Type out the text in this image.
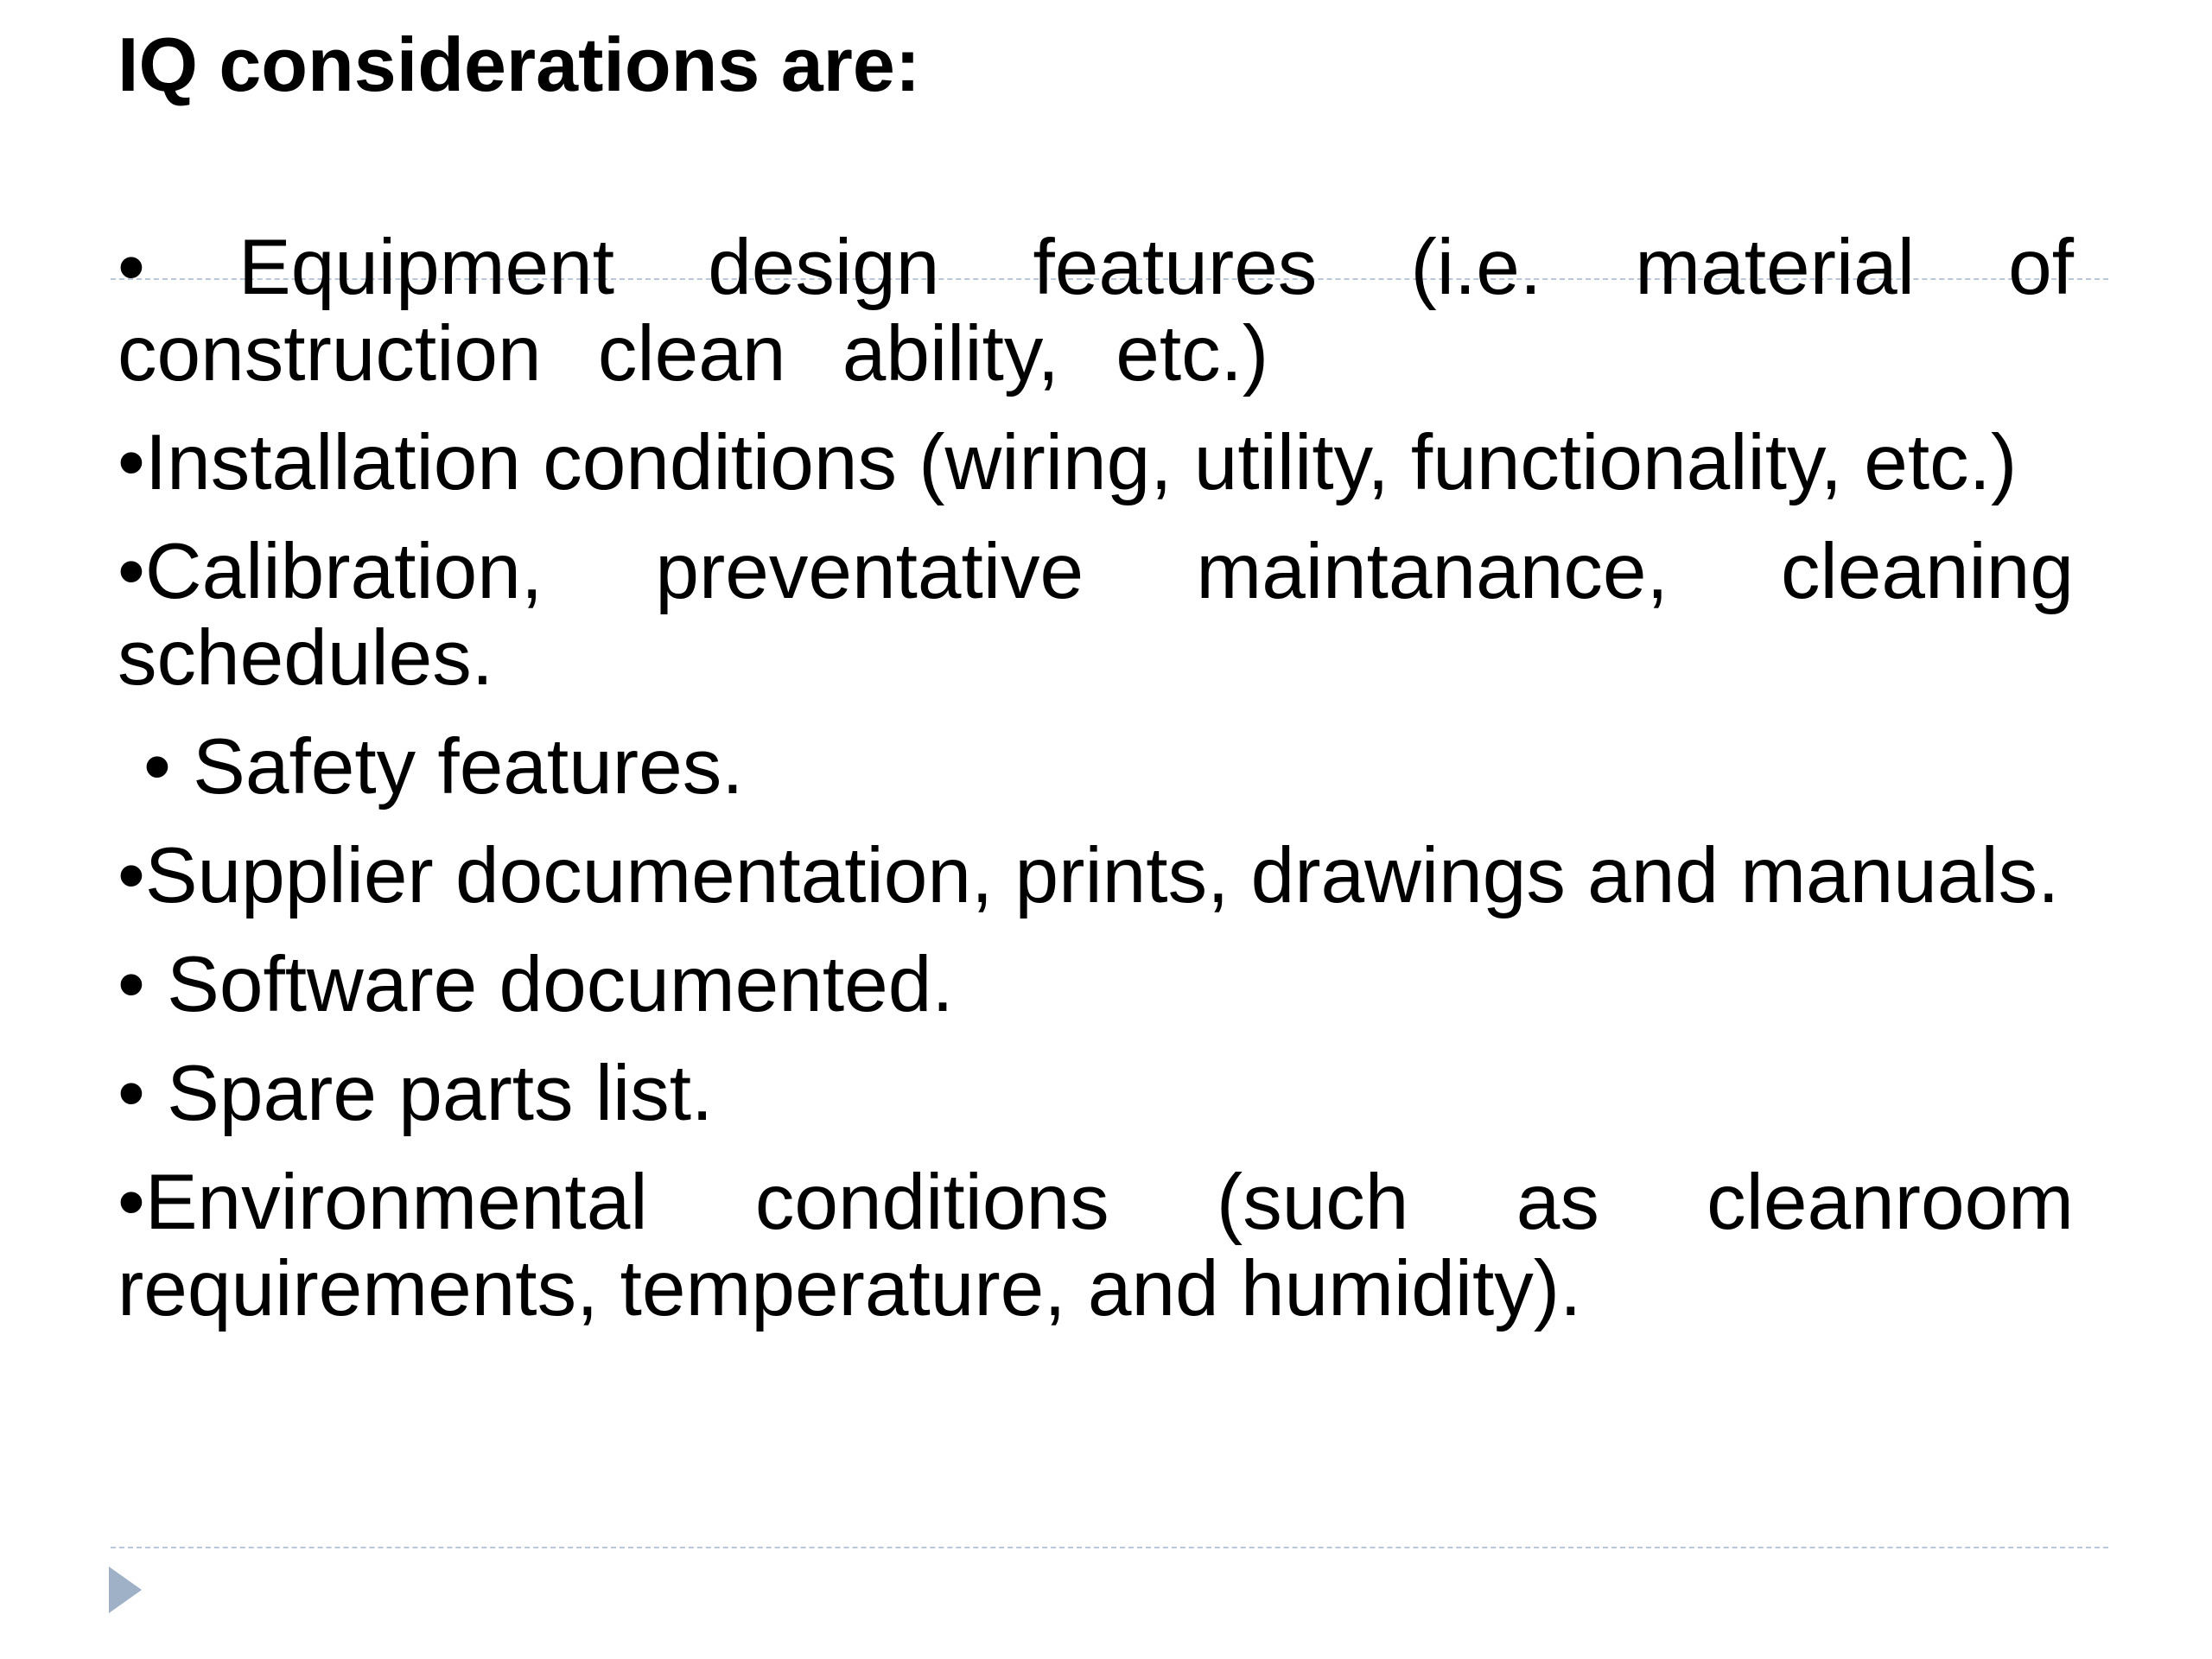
IQ considerations are:

• Equipment design features (i.e. material of construction clean ability, etc.)

•Installation conditions (wiring, utility, functionality, etc.)

•Calibration, preventative maintanance, cleaning schedules.

• Safety features.

•Supplier documentation, prints, drawings and manuals.

• Software documented.

• Spare parts list.

•Environmental conditions (such as cleanroom requirements, temperature, and humidity).
